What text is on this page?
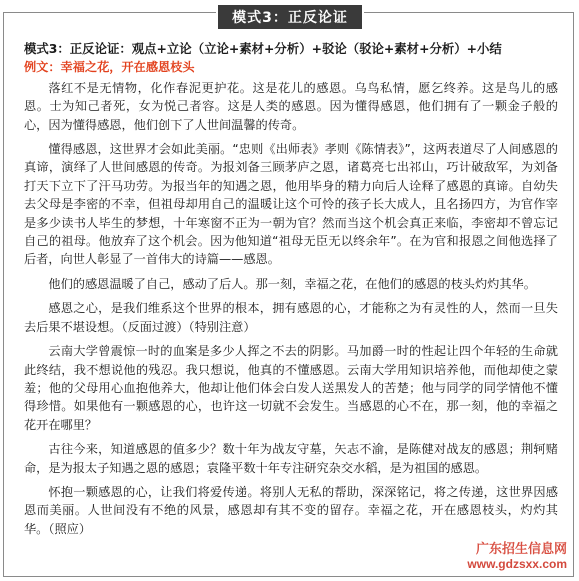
模式3：正反论证

模式3：正反论证：观点+立论（立论+素材+分析）+驳论（驳论+素材+分析）+小结

例文：幸福之花，开在感恩枝头

落红不是无情物，化作春泥更护花。这是花儿的感恩。乌鸟私情，愿乞终养。这是鸟儿的感恩。士为知己者死，女为悦己者容。这是人类的感恩。因为懂得感恩，他们拥有了一颗金子般的心，因为懂得感恩，他们创下了人世间温馨的传奇。

懂得感恩，这世界才会如此美丽。“忠则《出师表》孝则《陈情表》”，这两表道尽了人间感恩的真谛，演绎了人世间感恩的传奇。为报刘备三顾茅庐之恩，诸葛亮七出祁山，巧计破敌军，为刘备打天下立下了汗马功劳。为报当年的知遇之恩，他用毕身的精力向后人诠释了感恩的真谛。自幼失去父母是李密的不幸，但祖母却用自己的温暖让这个可怜的孩子长大成人，且名扬四方，为官作宰是多少读书人毕生的梦想，十年寒窗不正为一朝为官？然而当这个机会真正来临，李密却不曾忘记自己的祖母。他放弃了这个机会。因为他知道“祖母无臣无以终余年”。在为官和报恩之间他选择了后者，向世人彰显了一首伟大的诗篇——感恩。

他们的感恩温暖了自己，感动了后人。那一刻，幸福之花，在他们的感恩的枝头灼灼其华。

感恩之心，是我们维系这个世界的根本，拥有感恩的心，才能称之为有灵性的人，然而一旦失去后果不堪设想。（反面过渡）（特别注意）

云南大学曾震惊一时的血案是多少人挥之不去的阴影。马加爵一时的性起让四个年轻的生命就此终结，我不想说他的残忍。我只想说，他真的不懂感恩。云南大学用知识培养他，而他却使之蒙羞；他的父母用心血抱他养大，他却让他们体会白发人送黑发人的苦楚；他与同学的同学情他不懂得珍惜。如果他有一颗感恩的心，也许这一切就不会发生。当感恩的心不在，那一刻，他的幸福之花开在哪里？

古往今来，知道感恩的值多少？数十年为战友守墓，矢志不渝，是陈健对战友的感恩；荆轲赌命，是为报太子知遇之恩的感恩；袁隆平数十年专注研究杂交水稻，是为祖国的感恩。

怀抱一颗感恩的心，让我们将爱传递。将别人无私的帮助，深深铭记，将之传递，这世界因感恩而美丽。人世间没有不绝的风景，感恩却有其不变的留存。幸福之花，开在感恩枝头，灼灼其华。（照应）

广东招生信息网
www.gdzsxx.com
